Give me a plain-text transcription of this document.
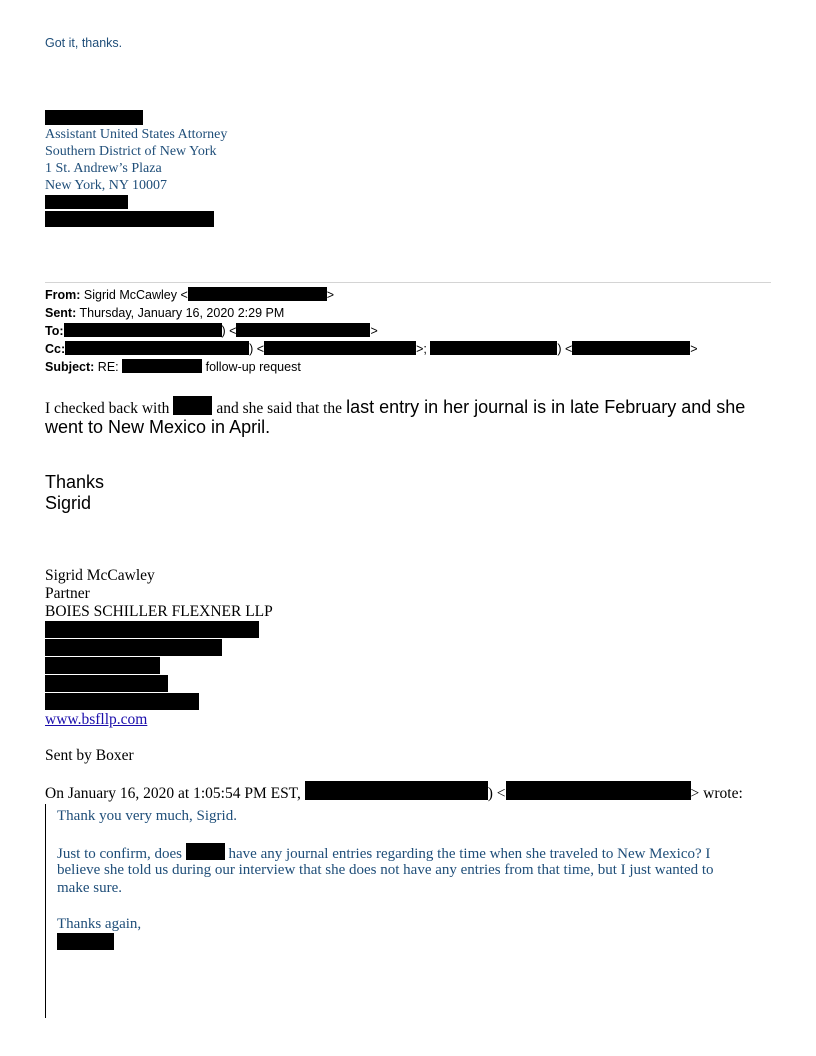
Got it, thanks.
Assistant United States Attorney
Southern District of New York
1 St. Andrew’s Plaza
New York, NY 10007
From: Sigrid McCawley <	>
Sent: Thursday, January 16, 2020 2:29 PM
To:	) <	>
Cc:	) <	>;	) <	>
Subject: RE:	follow-up request
I checked back with	and she said that the last entry in her journal is in late February and she
went to New Mexico in April.
Thanks
Sigrid
Sigrid McCawley
Partner
BOIES SCHILLER FLEXNER LLP
www.bsfllp.com
Sent by Boxer
On January 16, 2020 at 1:05:54 PM EST,	) <	> wrote:
Thank you very much, Sigrid.
Just to confirm, does	have any journal entries regarding the time when she traveled to New Mexico? I
believe she told us during our interview that she does not have any entries from that time, but I just wanted to
make sure.
Thanks again,
